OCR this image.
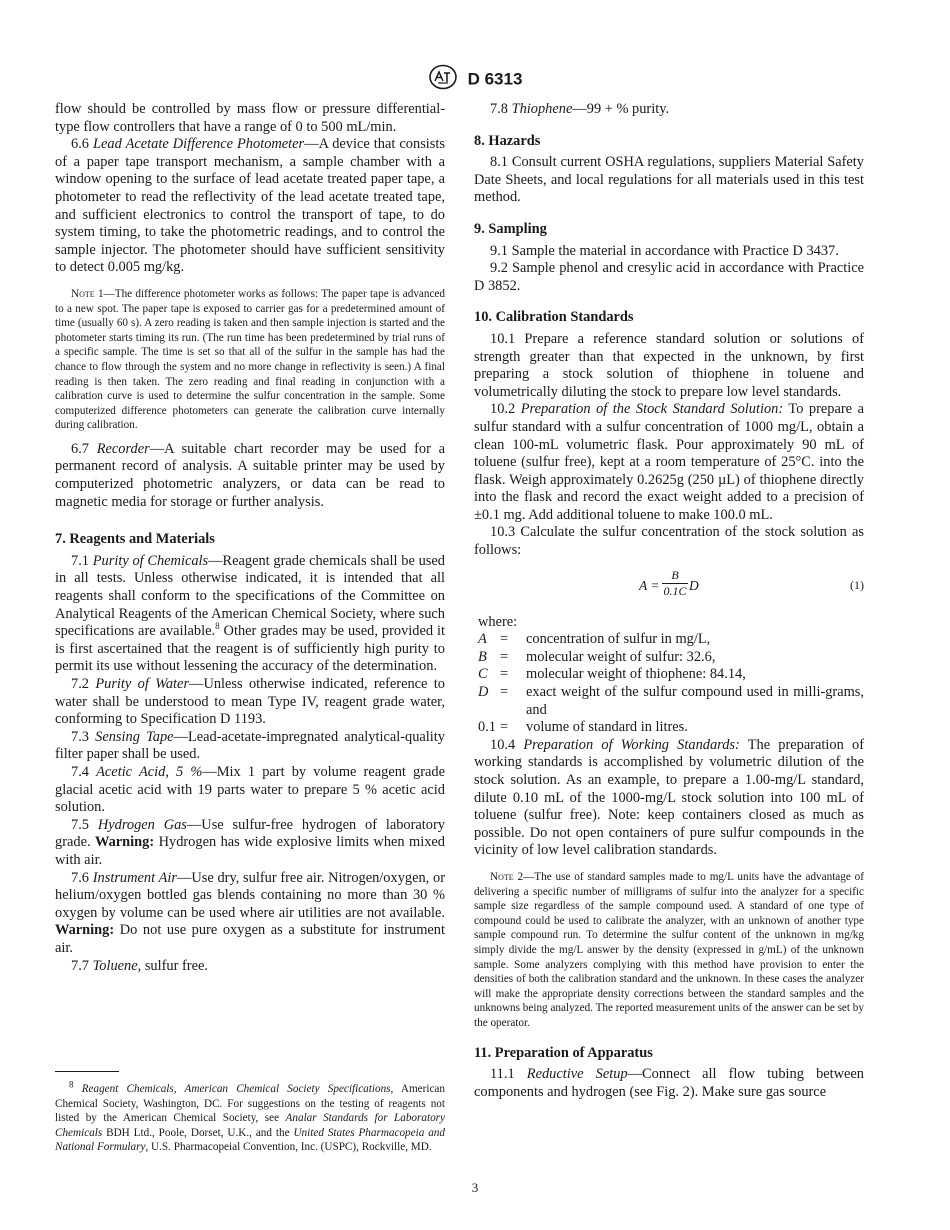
D 6313

flow should be controlled by mass flow or pressure differential-type flow controllers that have a range of 0 to 500 mL/min.

6.6 Lead Acetate Difference Photometer—A device that consists of a paper tape transport mechanism, a sample chamber with a window opening to the surface of lead acetate treated paper tape, a photometer to read the reflectivity of the lead acetate treated tape, and sufficient electronics to control the transport of tape, to do system timing, to take the photometric readings, and to control the sample injector. The photometer should have sufficient sensitivity to detect 0.005 mg/kg.

Note 1—The difference photometer works as follows: The paper tape is advanced to a new spot. The paper tape is exposed to carrier gas for a predetermined amount of time (usually 60 s). A zero reading is taken and then sample injection is started and the photometer starts timing its run. (The run time has been predetermined by trial runs of a specific sample. The time is set so that all of the sulfur in the sample has had the chance to flow through the system and no more change in reflectivity is seen.) A final reading is then taken. The zero reading and final reading in conjunction with a calibration curve is used to determine the sulfur concentration in the sample. Some computerized difference photometers can generate the calibration curve internally during calibration.

6.7 Recorder—A suitable chart recorder may be used for a permanent record of analysis. A suitable printer may be used by computerized photometric analyzers, or data can be read to magnetic media for storage or further analysis.

7. Reagents and Materials

7.1 Purity of Chemicals—Reagent grade chemicals shall be used in all tests. Unless otherwise indicated, it is intended that all reagents shall conform to the specifications of the Committee on Analytical Reagents of the American Chemical Society, where such specifications are available.$^8$ Other grades may be used, provided it is first ascertained that the reagent is of sufficiently high purity to permit its use without lessening the accuracy of the determination.

7.2 Purity of Water—Unless otherwise indicated, reference to water shall be understood to mean Type IV, reagent grade water, conforming to Specification D 1193.

7.3 Sensing Tape—Lead-acetate-impregnated analytical-quality filter paper shall be used.

7.4 Acetic Acid, 5 %—Mix 1 part by volume reagent grade glacial acetic acid with 19 parts water to prepare 5 % acetic acid solution.

7.5 Hydrogen Gas—Use sulfur-free hydrogen of laboratory grade. Warning: Hydrogen has wide explosive limits when mixed with air.

7.6 Instrument Air—Use dry, sulfur free air. Nitrogen/oxygen, or helium/oxygen bottled gas blends containing no more than 30 % oxygen by volume can be used where air utilities are not available. Warning: Do not use pure oxygen as a substitute for instrument air.

7.7 Toluene, sulfur free.

$^8$ Reagent Chemicals, American Chemical Society Specifications, American Chemical Society, Washington, DC. For suggestions on the testing of reagents not listed by the American Chemical Society, see Analar Standards for Laboratory Chemicals BDH Ltd., Poole, Dorset, U.K., and the United States Pharmacopeia and National Formulary, U.S. Pharmacopeial Convention, Inc. (USPC), Rockville, MD.

7.8 Thiophene—99 + % purity.

8. Hazards

8.1 Consult current OSHA regulations, suppliers Material Safety Date Sheets, and local regulations for all materials used in this test method.

9. Sampling

9.1 Sample the material in accordance with Practice D 3437.

9.2 Sample phenol and cresylic acid in accordance with Practice D 3852.

10. Calibration Standards

10.1 Prepare a reference standard solution or solutions of strength greater than that expected in the unknown, by first preparing a stock solution of thiophene in toluene and volumetrically diluting the stock to prepare low level standards.

10.2 Preparation of the Stock Standard Solution: To prepare a sulfur standard with a sulfur concentration of 1000 mg/L, obtain a clean 100-mL volumetric flask. Pour approximately 90 mL of toluene (sulfur free), kept at a room temperature of 25°C. into the flask. Weigh approximately 0.2625g (250 µL) of thiophene directly into the flask and record the exact weight added to a precision of ±0.1 mg. Add additional toluene to make 100.0 mL.

10.3 Calculate the sulfur concentration of the stock solution as follows:

$A = \frac{B}{0.1C}$ D	(1)
where:
A =	concentration of sulfur in mg/L,
B =	molecular weight of sulfur: 32.6,
C =	molecular weight of thiophene: 84.14,
D =	exact weight of the sulfur compound used in milli-grams, and
0.1 =	volume of standard in litres.

10.4 Preparation of Working Standards: The preparation of working standards is accomplished by volumetric dilution of the stock solution. As an example, to prepare a 1.00-mg/L standard, dilute 0.10 mL of the 1000-mg/L stock solution into 100 mL of toluene (sulfur free). Note: keep containers closed as much as possible. Do not open containers of pure sulfur compounds in the vicinity of low level calibration standards.

Note 2—The use of standard samples made to mg/L units have the advantage of delivering a specific number of milligrams of sulfur into the analyzer for a specific sample size regardless of the sample compound used. A standard of one type of compound could be used to calibrate the analyzer, with an unknown of another type sample compound run. To determine the sulfur content of the unknown in mg/kg simply divide the mg/L answer by the density (expressed in g/mL) of the unknown sample. Some analyzers complying with this method have provision to enter the densities of both the calibration standard and the unknown. In these cases the analyzer will make the appropriate density corrections between the standard samples and the unknowns being analyzed. The reported measurement units of the answer can be set by the operator.
11. Preparation of Apparatus

11.1 Reductive Setup—Connect all flow tubing between components and hydrogen (see Fig. 2). Make sure gas source

3
